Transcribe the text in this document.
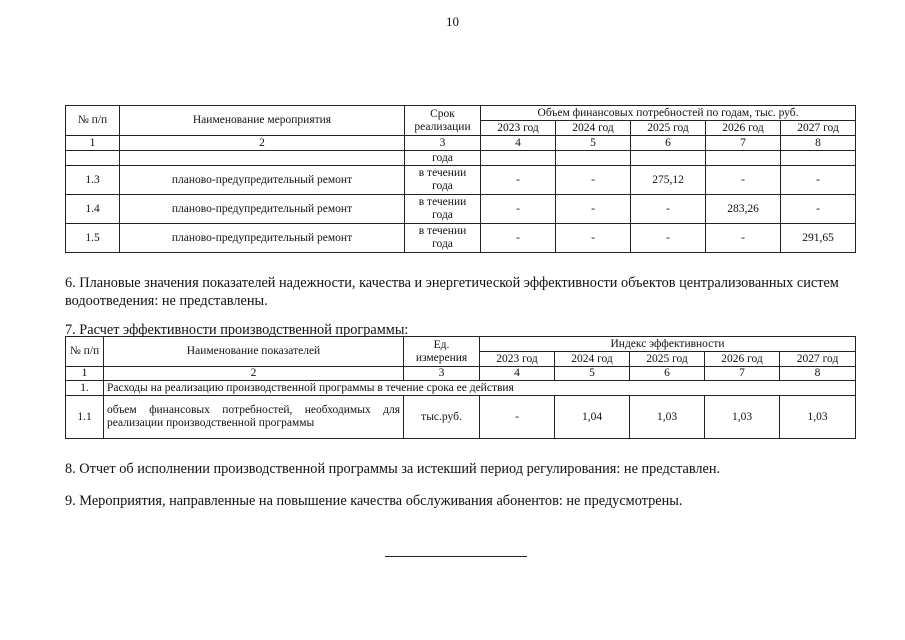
10
№ п/п	Наименование мероприятия	Срок реализации	Объем финансовых потребностей по годам, тыс. руб.				
			2023 год	2024 год	2025 год	2026 год	2027 год
1	2	3	4	5	6	7	8
		года					
1.3	планово-предупредительный ремонт	в течении года	-	-	275,12	-	-
1.4	планово-предупредительный ремонт	в течении года	-	-	-	283,26	-
1.5	планово-предупредительный ремонт	в течении года	-	-	-	-	291,65
6. Плановые значения показателей надежности, качества и энергетической эффективности объектов централизованных систем водоотведения: не представлены.
7. Расчет эффективности производственной программы:
№ п/п	Наименование показателей	Ед. измерения	Индекс эффективности				
			2023 год	2024 год	2025 год	2026 год	2027 год
1	2	3	4	5	6	7	8
1.	Расходы на реализацию производственной программы в течение срока ее действия						
1.1	объем финансовых потребностей, необходимых для реализации производственной программы	тыс.руб.	-	1,04	1,03	1,03	1,03
8. Отчет об исполнении производственной программы за истекший период регулирования: не представлен.
9. Мероприятия, направленные на повышение качества обслуживания абонентов: не предусмотрены.
